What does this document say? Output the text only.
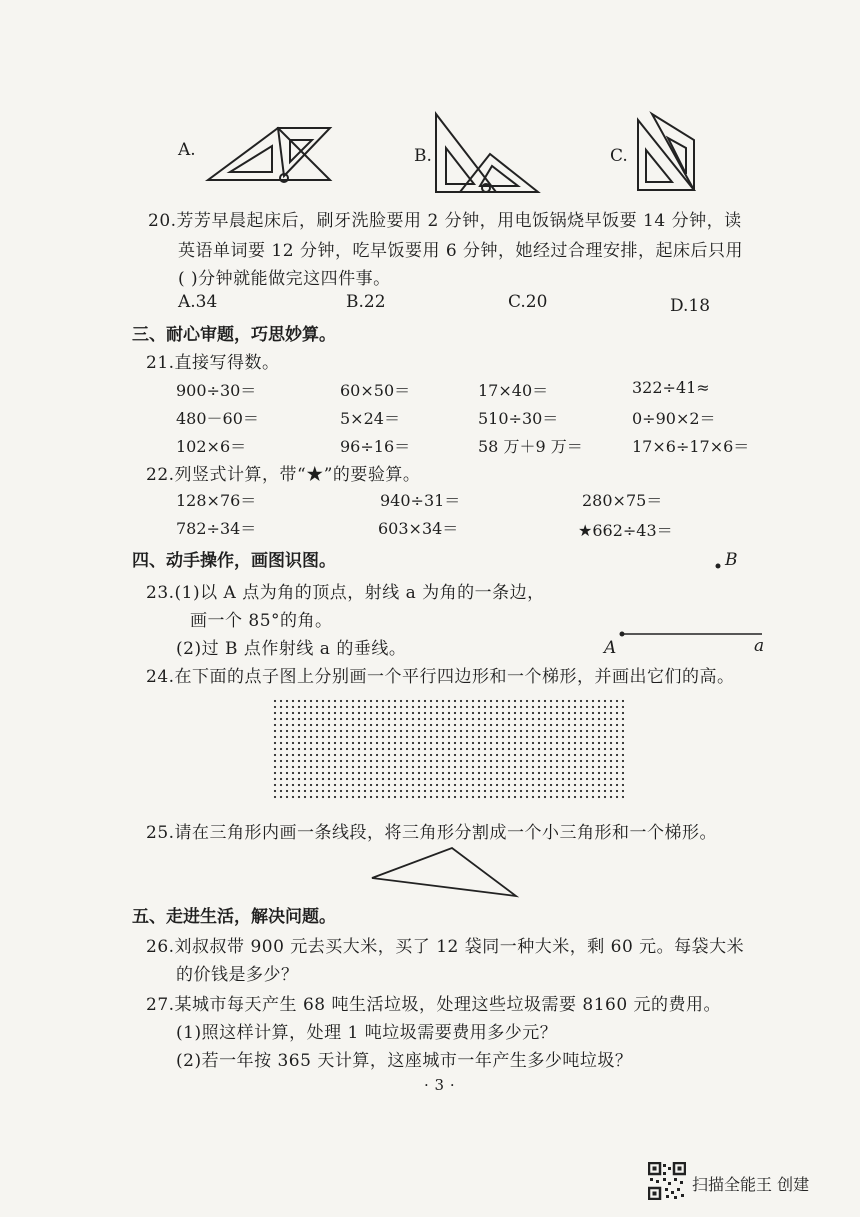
A.	B.	C.
20.芳芳早晨起床后，刷牙洗脸要用 2 分钟，用电饭锅烧早饭要 14 分钟，读
英语单词要 12 分钟，吃早饭要用 6 分钟，她经过合理安排，起床后只用
( )分钟就能做完这四件事。
A.34	B.22	C.20	D.18
三、耐心审题，巧思妙算。
21.直接写得数。
900÷30＝	60×50＝	17×40＝	322÷41≈
480－60＝	5×24＝	510÷30＝	0÷90×2＝
102×6＝	96÷16＝	58 万＋9 万＝	17×6÷17×6＝
22.列竖式计算，带“★”的要验算。
128×76＝	940÷31＝	280×75＝
782÷34＝	603×34＝	★662÷43＝
四、动手操作，画图识图。
23.(1)以 A 点为角的顶点，射线 a 为角的一条边，
画一个 85°的角。
(2)过 B 点作射线 a 的垂线。
B
A	a
24.在下面的点子图上分别画一个平行四边形和一个梯形，并画出它们的高。
25.请在三角形内画一条线段，将三角形分割成一个小三角形和一个梯形。
五、走进生活，解决问题。
26.刘叔叔带 900 元去买大米，买了 12 袋同一种大米，剩 60 元。每袋大米
的价钱是多少？
27.某城市每天产生 68 吨生活垃圾，处理这些垃圾需要 8160 元的费用。
(1)照这样计算，处理 1 吨垃圾需要费用多少元？
(2)若一年按 365 天计算，这座城市一年产生多少吨垃圾？
· 3 ·
扫描全能王 创建
